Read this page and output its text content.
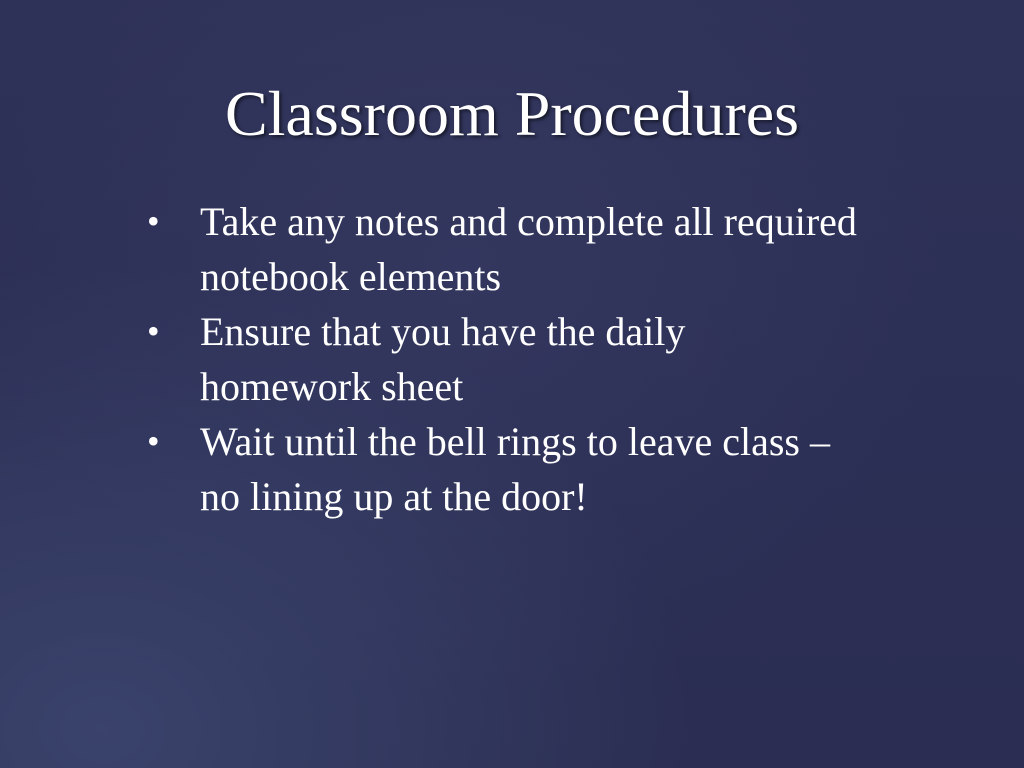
Classroom Procedures
• Take any notes and complete all required notebook elements
• Ensure that you have the daily homework sheet
• Wait until the bell rings to leave class – no lining up at the door!
